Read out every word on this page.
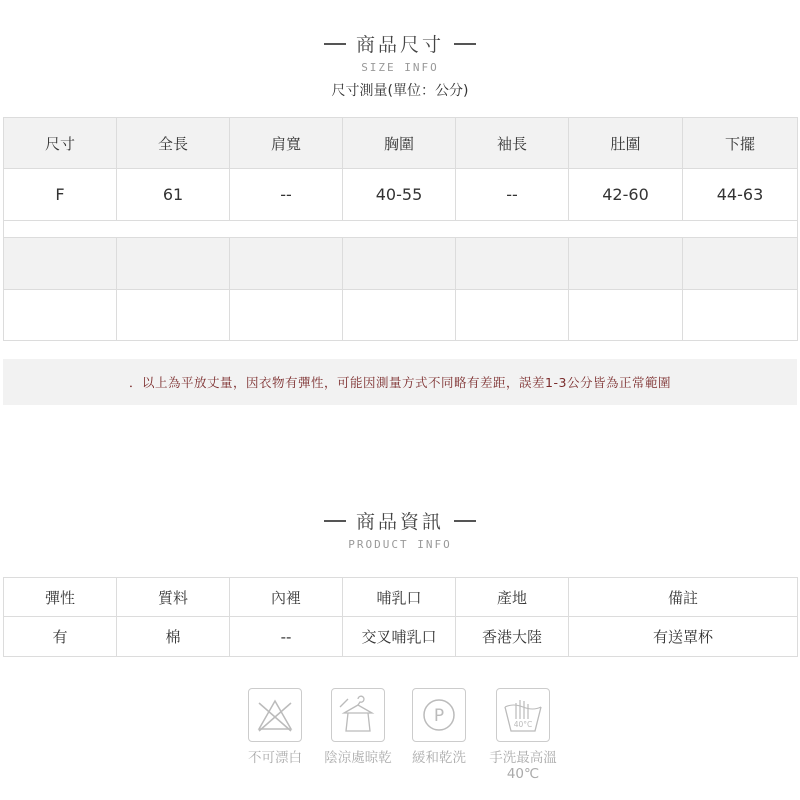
商品尺寸
SIZE INFO
尺寸測量(單位：公分)
尺寸	全長	肩寬	胸圍	袖長	肚圍	下擺
F	61	--	40-55	--	42-60	44-63

．以上為平放丈量，因衣物有彈性，可能因測量方式不同略有差距，誤差1-3公分皆為正常範圍
商品資訊
PRODUCT INFO
彈性	質料	內裡	哺乳口	產地	備註
有	棉	--	交叉哺乳口	香港大陸	有送罩杯
不可漂白	陰涼處晾乾
P
緩和乾洗
40°C
手洗最高溫
40℃
